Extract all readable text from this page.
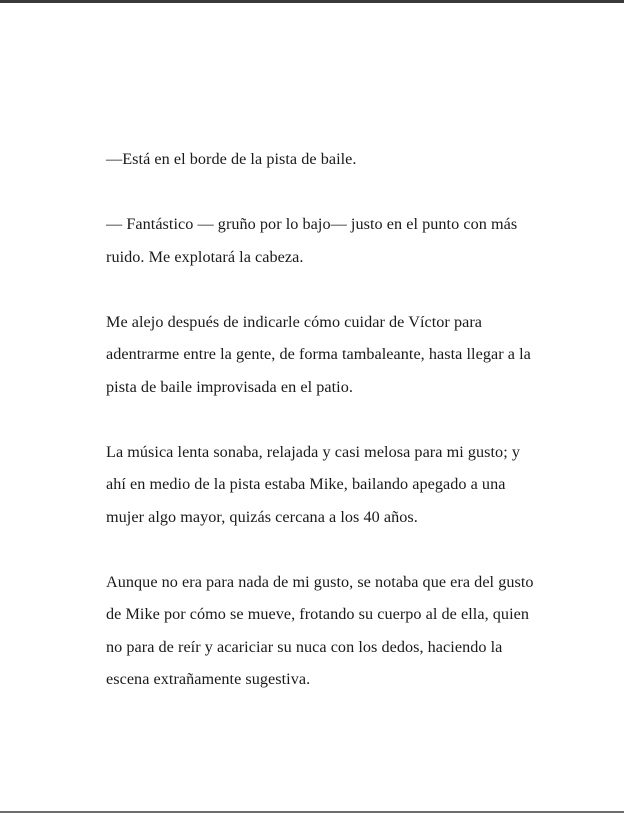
—Está en el borde de la pista de baile.

— Fantástico — gruño por lo bajo— justo en el punto con más ruido. Me explotará la cabeza.

Me alejo después de indicarle cómo cuidar de Víctor para adentrarme entre la gente, de forma tambaleante, hasta llegar a la pista de baile improvisada en el patio.

La música lenta sonaba, relajada y casi melosa para mi gusto; y ahí en medio de la pista estaba Mike, bailando apegado a una mujer algo mayor, quizás cercana a los 40 años.

Aunque no era para nada de mi gusto, se notaba que era del gusto de Mike por cómo se mueve, frotando su cuerpo al de ella, quien no para de reír y acariciar su nuca con los dedos, haciendo la escena extrañamente sugestiva.
